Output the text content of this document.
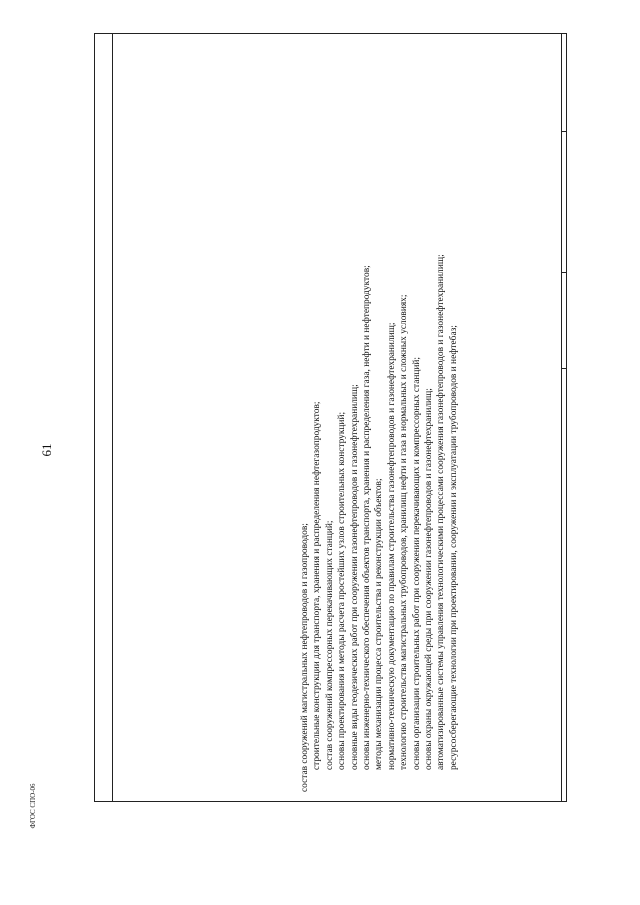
61
ФГОС СПО-06

состав сооружений магистральных нефтепроводов и газопроводов; строительные конструкции для транспорта, хранения и распределения нефтегазопродуктов; состав сооружений компрессорных перекачивающих станций; основы проектирования и методы расчета простейших узлов строительных конструкций; основные виды геодезических работ при сооружении газонефтепроводов и газонефтехранилищ; основы инженерно-технического обеспечения объектов транспорта, хранения и распределения газа, нефти и нефтепродуктов; методы механизации процесса строительства и реконструкции объектов; нормативно-техническую документацию по правилам строительства газонефтепроводов и газонефтехранилищ; технологию строительства магистральных трубопроводов, хранилищ нефти и газа в нормальных и сложных условиях; основы организации строительных работ при сооружении перекачивающих и компрессорных станций; основы охраны окружающей среды при сооружении газонефтепроводов и газонефтехранилищ; автоматизированные системы управления технологическими процессами сооружения газонефтепроводов и газонефтехранилищ; ресурсосберегающие технологии при проектировании, сооружении и эксплуатации трубопроводов и нефтебаз;
